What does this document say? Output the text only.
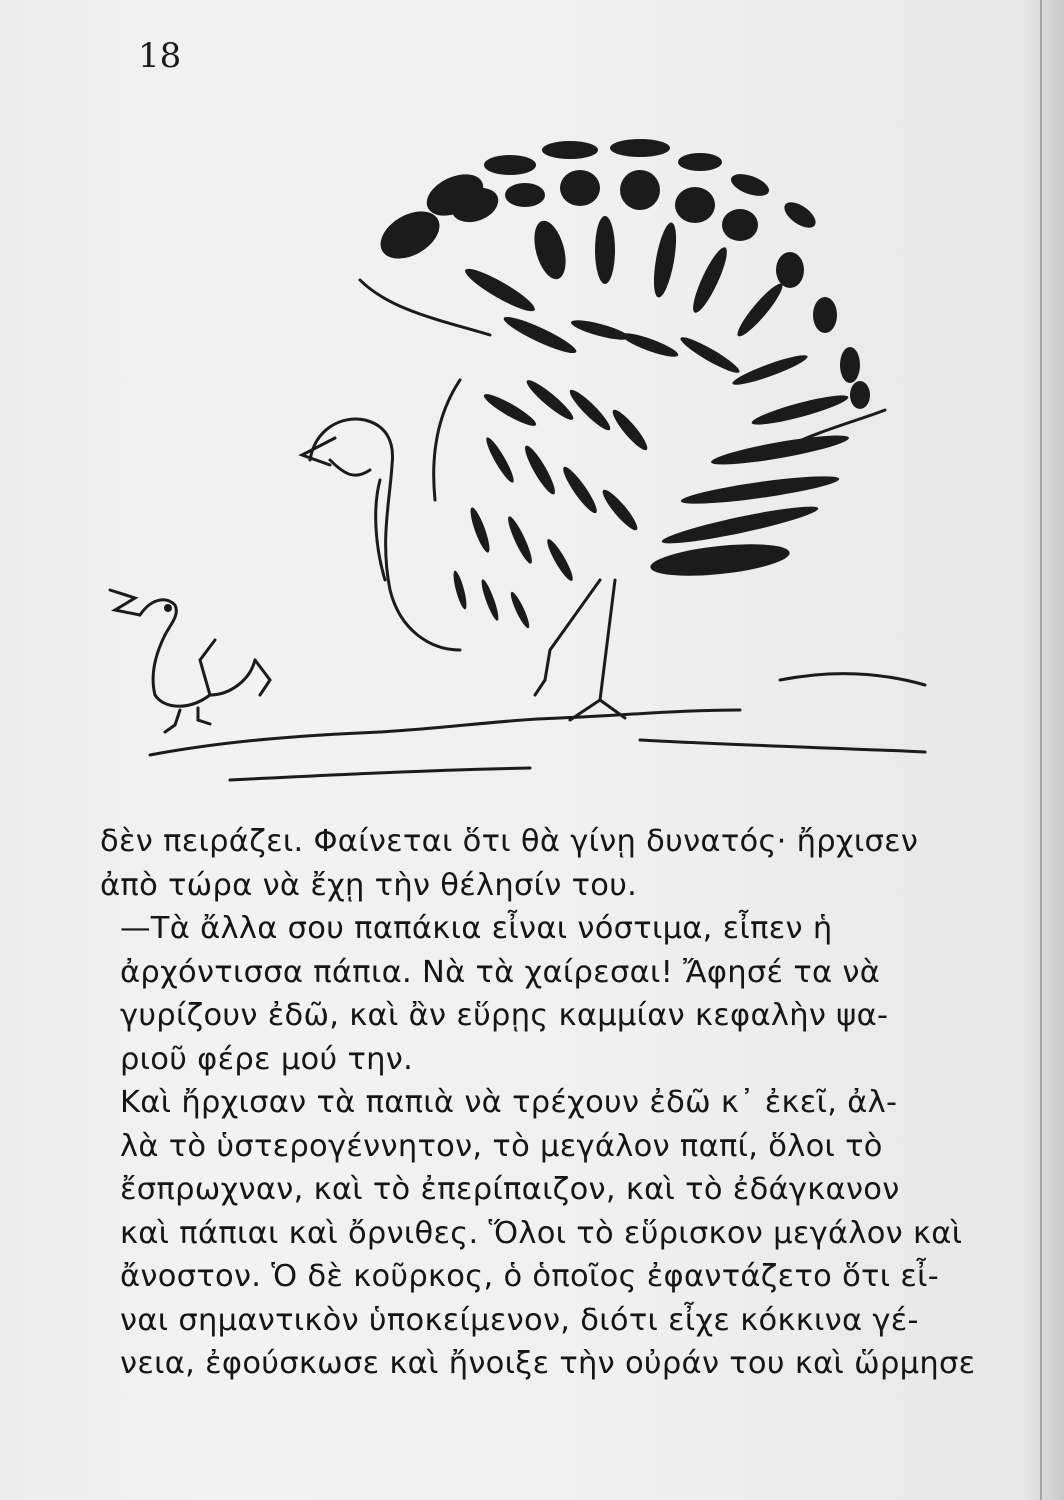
18

δὲν πειράζει. Φαίνεται ὅτι θὰ γίνῃ δυνατός· ἤρχισεν
ἀπὸ τώρα νὰ ἔχῃ τὴν θέλησίν του.

—Τὰ ἄλλα σου παπάκια εἶναι νόστιμα, εἶπεν ἡ
ἀρχόντισσα πάπια. Νὰ τὰ χαίρεσαι! Ἄφησέ τα νὰ
γυρίζουν ἐδῶ, καὶ ἂν εὕρῃς καμμίαν κεφαλὴν ψα-
ριοῦ φέρε μού την.

Καὶ ἤρχισαν τὰ παπιὰ νὰ τρέχουν ἐδῶ κ᾿ ἐκεῖ, ἀλ-
λὰ τὸ ὑστερογέννητον, τὸ μεγάλον παπί, ὅλοι τὸ
ἔσπρωχναν, καὶ τὸ ἐπερίπαιζον, καὶ τὸ ἐδάγκανον
καὶ πάπιαι καὶ ὄρνιθες. Ὅλοι τὸ εὕρισκον μεγάλον καὶ
ἄνοστον. Ὁ δὲ κοῦρκος, ὁ ὁποῖος ἐφαντάζετο ὅτι εἶ-
ναι σημαντικὸν ὑποκείμενον, διότι εἶχε κόκκινα γέ-
νεια, ἐφούσκωσε καὶ ἤνοιξε τὴν οὐράν του καὶ ὥρμησε
